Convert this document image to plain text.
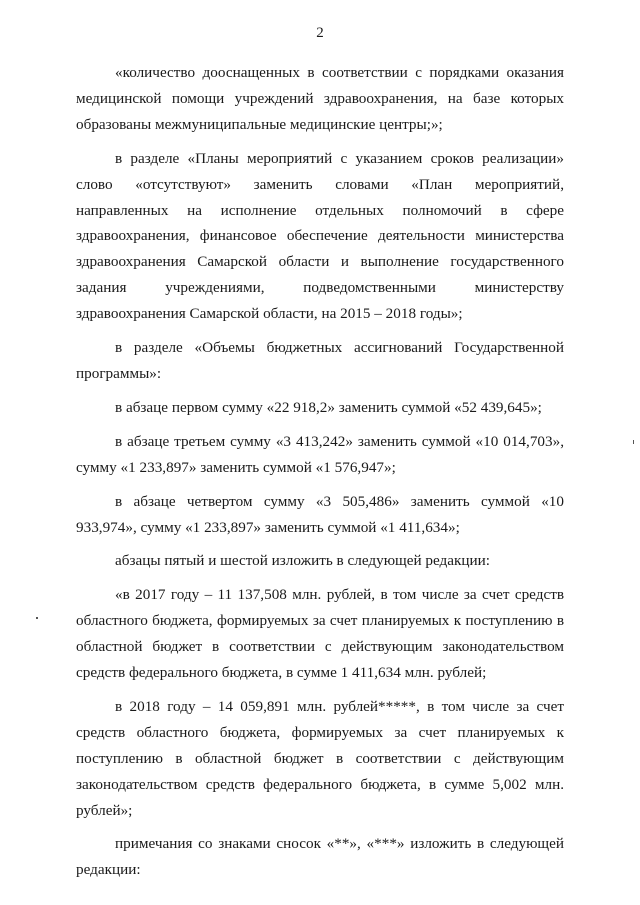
2

«количество дооснащенных в соответствии с порядками оказания медицинской помощи учреждений здравоохранения, на базе которых образованы межмуниципальные медицинские центры;»;

в разделе «Планы мероприятий с указанием сроков реализации» слово «отсутствуют» заменить словами «План мероприятий, направленных на исполнение отдельных полномочий в сфере здравоохранения, финансовое обеспечение деятельности министерства здравоохранения Самарской области и выполнение государственного задания учреждениями, подведомственными министерству здравоохранения Самарской области, на 2015 – 2018 годы»;

в разделе «Объемы бюджетных ассигнований Государственной программы»:

в абзаце первом сумму «22 918,2» заменить суммой «52 439,645»;

в абзаце третьем сумму «3 413,242» заменить суммой «10 014,703», сумму «1 233,897» заменить суммой «1 576,947»;

в абзаце четвертом сумму «3 505,486» заменить суммой «10 933,974», сумму «1 233,897» заменить суммой «1 411,634»;

абзацы пятый и шестой изложить в следующей редакции:

«в 2017 году – 11 137,508 млн. рублей, в том числе за счет средств областного бюджета, формируемых за счет планируемых к поступлению в областной бюджет в соответствии с действующим законодательством средств федерального бюджета, в сумме 1 411,634 млн. рублей;

в 2018 году – 14 059,891 млн. рублей*****, в том числе за счет средств областного бюджета, формируемых за счет планируемых к поступлению в областной бюджет в соответствии с действующим законодательством средств федерального бюджета, в сумме 5,002 млн. рублей»;

примечания со знаками сносок «**», «***» изложить в следующей редакции:
